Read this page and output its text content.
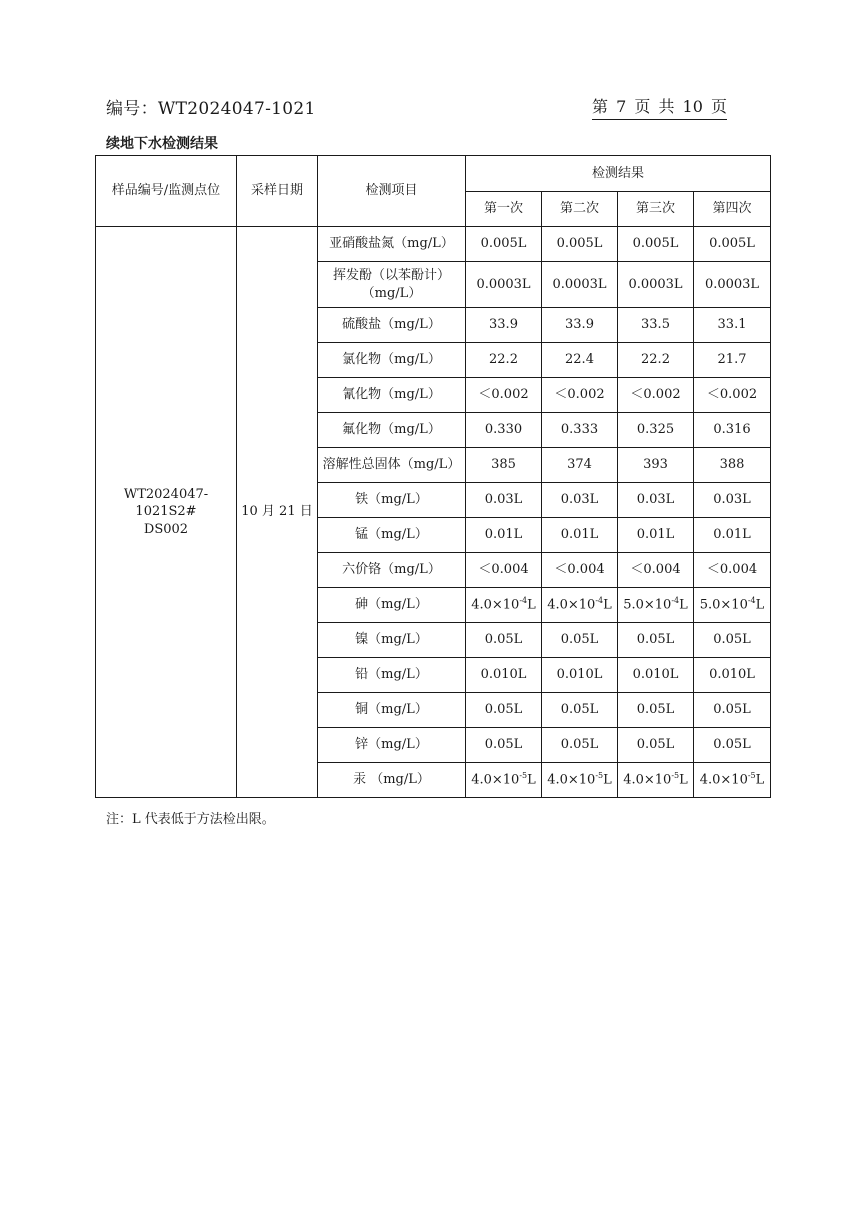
编号：WT2024047-1021	第 7 页 共 10 页
续地下水检测结果
样品编号/监测点位	采样日期	检测项目	检测结果			
			第一次	第二次	第三次	第四次

WT2024047-1021S2#
DS002	10 月 21 日	亚硝酸盐氮（mg/L）	0.005L	0.005L	0.005L	0.005L
		挥发酚（以苯酚计）（mg/L）	0.0003L	0.0003L	0.0003L	0.0003L
		硫酸盐（mg/L）	33.9	33.9	33.5	33.1
		氯化物（mg/L）	22.2	22.4	22.2	21.7
		氰化物（mg/L）	＜0.002	＜0.002	＜0.002	＜0.002
		氟化物（mg/L）	0.330	0.333	0.325	0.316
		溶解性总固体（mg/L）	385	374	393	388
		铁（mg/L）	0.03L	0.03L	0.03L	0.03L
		锰（mg/L）	0.01L	0.01L	0.01L	0.01L
		六价铬（mg/L）	＜0.004	＜0.004	＜0.004	＜0.004
		砷（mg/L）	$4.0\times 10^{-4}L$	$4.0\times 10^{-4}L$	$5.0\times 10^{-4}L$	$5.0\times 10^{-4}L$
		镍（mg/L）	0.05L	0.05L	0.05L	0.05L
		铅（mg/L）	0.010L	0.010L	0.010L	0.010L
		铜（mg/L）	0.05L	0.05L	0.05L	0.05L
		锌（mg/L）	0.05L	0.05L	0.05L	0.05L
		汞 （mg/L）	$4.0\times 10^{-5}L$	$4.0\times 10^{-5}L$	$4.0\times 10^{-5}L$	$4.0\times 10^{-5}L$
注：L 代表低于方法检出限。
